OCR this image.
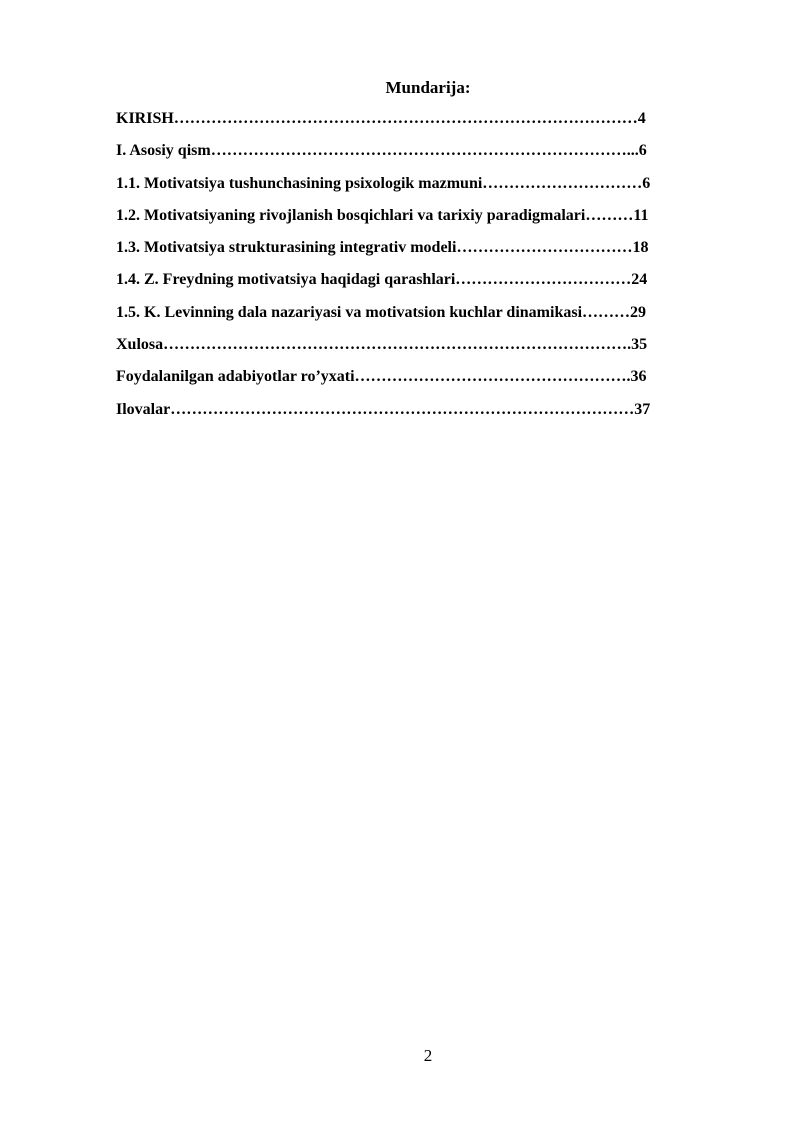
Mundarija:
KIRISH……………………………………………………………………………4
I. Asosiy qism……………………………………………………………………...6
1.1. Motivatsiya tushunchasining psixologik mazmuni…………………………6
1.2. Motivatsiyaning rivojlanish bosqichlari va tarixiy paradigmalari………11
1.3. Motivatsiya strukturasining integrativ modeli……………………………18
1.4. Z. Freydning motivatsiya haqidagi qarashlari……………………………24
1.5. K. Levinning dala nazariyasi va motivatsion kuchlar dinamikasi………29
Xulosa…………………………………………………………………………….35
Foydalanilgan adabiyotlar ro’yxati…………………………………………….36
Ilovalar……………………………………………………………………………37
2
